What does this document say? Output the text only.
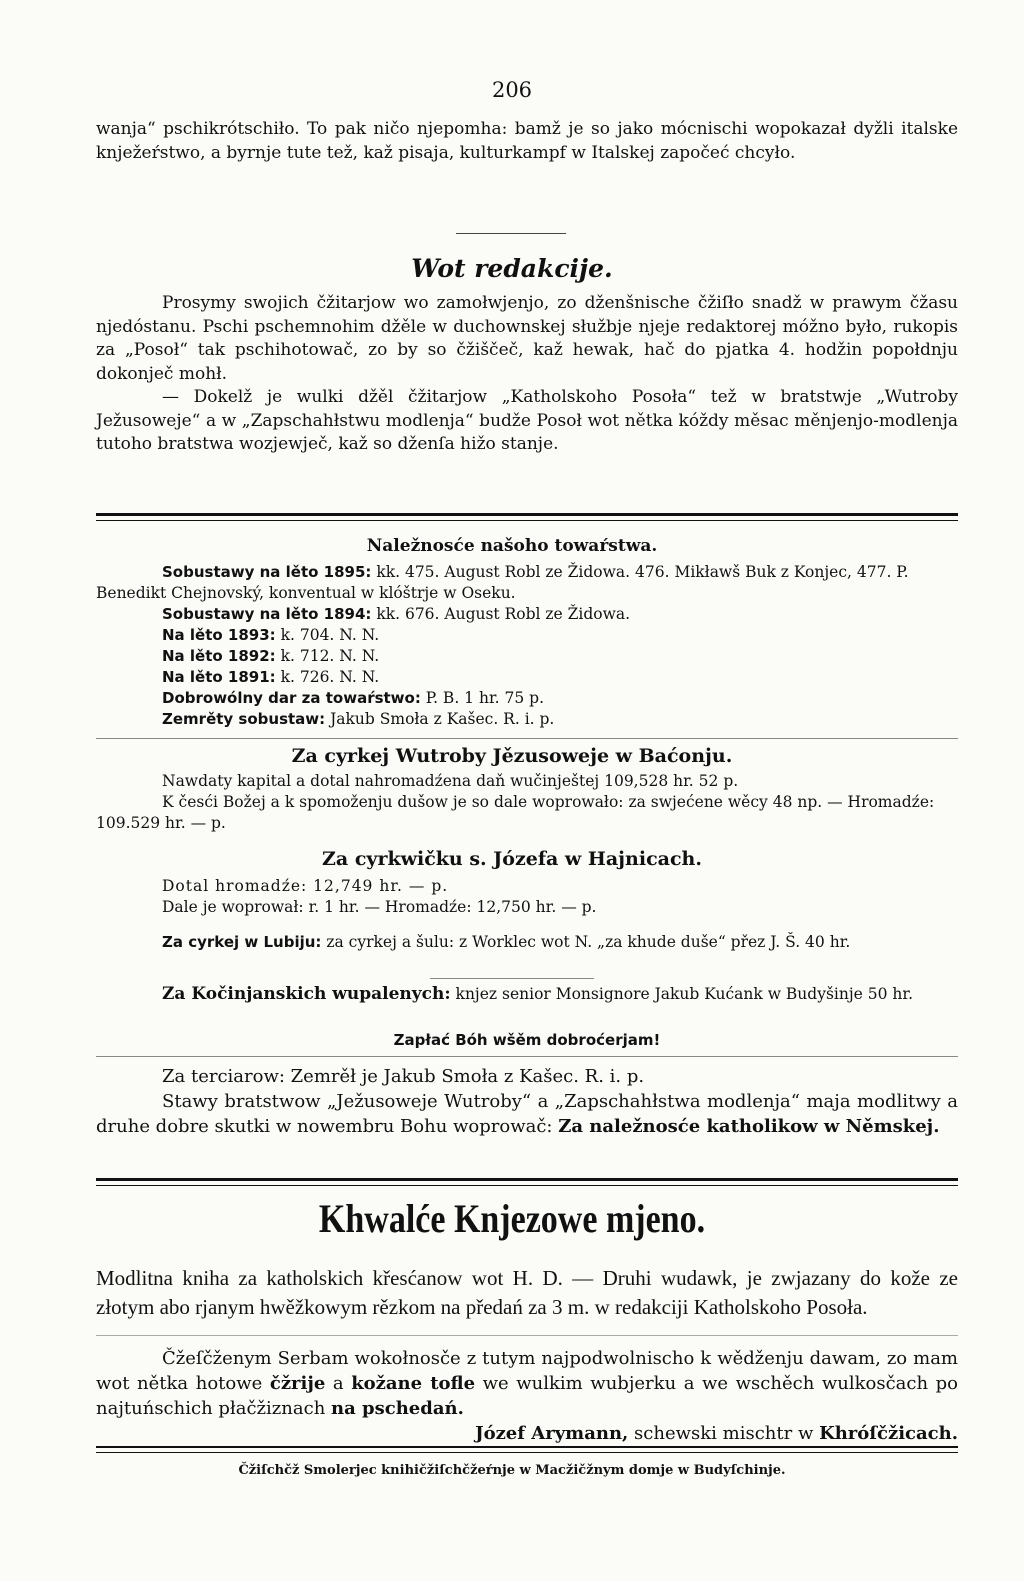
206

wanja“ pschikrótschiło. To pak ničo njepomha: bamž je so jako mócnischi wopokazał dyžli italske knježeŕstwo, a byrnje tute tež, kaž pisaja, kulturkampf w Italskej započeć chcyło.

Wot redakcije.

Prosymy swojich čžitarjow wo zamołwjenjo, zo dženšnische čžiſło snadž w prawym čžasu njedóstanu. Pschi pschemnohim džěle w duchownskej słužbje njeje redaktorej móžno było, rukopis za „Posoł“ tak pschihotowač, zo by so čžiščeč, kaž hewak, hač do pjatka 4. hodžin popołdnju dokonječ mohł.

— Dokelž je wulki džěl čžitarjow „Katholskoho Posoła“ tež w bratstwje „Wutroby Ježusoweje“ a w „Zapschahłstwu modlenja“ budže Posoł wot nětka kóždy měsac měnjenjo-modlenja tutoho bratstwa wozjewječ, kaž so dženſa hižo stanje.

Naležnosće našoho towaŕstwa.

Sobustawy na lěto 1895: kk. 475. August Robl ze Židowa. 476. Mikławš Buk z Konjec, 477. P. Benedikt Chejnovský, konventual w klóštrje w Oseku.

Sobustawy na lěto 1894: kk. 676. August Robl ze Židowa.

Na lěto 1893: k. 704. N. N.

Na lěto 1892: k. 712. N. N.

Na lěto 1891: k. 726. N. N.

Dobrowólny dar za towaŕstwo: P. B. 1 hr. 75 p.

Zemrěty sobustaw: Jakub Smoła z Kašec. R. i. p.

Za cyrkej Wutroby Jězusoweje w Baćonju.

Nawdaty kapital a dotal nahromadźena daň wučinještej 109,528 hr. 52 p.

K česći Božej a k spomoženju dušow je so dale woprowało: za swjećene wěcy 48 np. — Hromadźe: 109.529 hr. — p.

Za cyrkwičku s. Józefa w Hajnicach.

Dotal hromadźe: 12,749 hr. — p.

Dale je woprował: r. 1 hr. — Hromadźe: 12,750 hr. — p.

Za cyrkej w Lubiju: za cyrkej a šulu: z Worklec wot N. „za khude duše“ přez J. Š. 40 hr.

Za Kočinjanskich wupalenych: knjez senior Monsignore Jakub Kućank w Budyšinje 50 hr.

Zapłać Bóh wšěm dobroćerjam!

Za terciarow: Zemrěł je Jakub Smoła z Kašec. R. i. p.

Stawy bratstwow „Ježusoweje Wutroby“ a „Zapschahłstwa modlenja“ maja modlitwy a druhe dobre skutki w nowembru Bohu woprowač: Za naležnosće katholikow w Němskej.

Khwalće Knjezowe mjeno.

Modlitna kniha za katholskich křesćanow wot H. D. — Druhi wudawk, je zwjazany do kože ze złotym abo rjanym hwěžkowym rězkom na předań za 3 m. w redakciji Katholskoho Posoła.

Čžeſčženym Serbam wokołnosče z tutym najpodwolnischo k wědženju dawam, zo mam wot nětka hotowe čžrije a kožane tofle we wulkim wubjerku a we wschěch wulkosčach po najtuńschich płačžiznach na pschedań.

Józef Arymann, schewski mischtr w Khróſčžicach.

Čžiſchčž Smolerjec knihičžiſchčžeŕnje w Macžičžnym domje w Budyſchinje.
